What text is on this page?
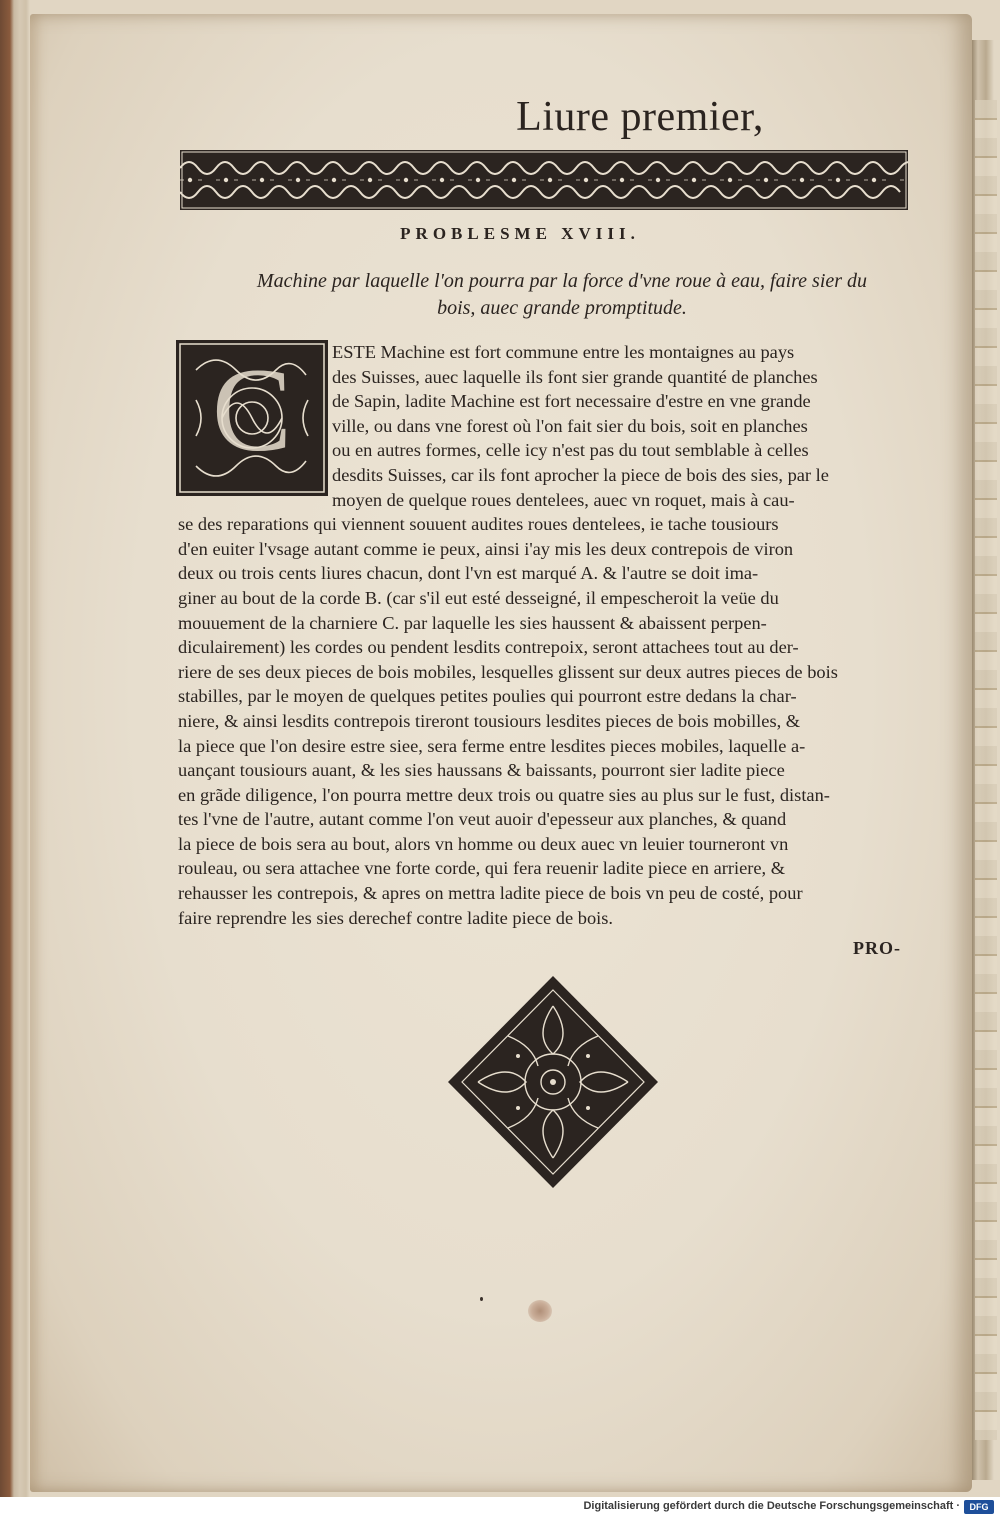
Liure premier,
PROBLESME XVIII.
Machine par laquelle l'on pourra par la force d'vne roue à eau, faire sier du
bois, auec grande promptitude.
C	ESTE Machine est fort commune entre les montaignes au pays
des Suisses, auec laquelle ils font sier grande quantité de planches
de Sapin, ladite Machine est fort necessaire d'estre en vne grande
ville, ou dans vne forest où l'on fait sier du bois, soit en planches
ou en autres formes, celle icy n'est pas du tout semblable à celles
desdits Suisses, car ils font aprocher la piece de bois des sies, par le
moyen de quelque roues dentelees, auec vn roquet, mais à cau-
se des reparations qui viennent souuent audites roues dentelees, ie tache tousiours
d'en euiter l'vsage autant comme ie peux, ainsi i'ay mis les deux contrepois de viron
deux ou trois cents liures chacun, dont l'vn est marqué A. & l'autre se doit ima-
giner au bout de la corde B. (car s'il eut esté desseigné, il empescheroit la veüe du
mouuement de la charniere C. par laquelle les sies haussent & abaissent perpen-
diculairement) les cordes ou pendent lesdits contrepoix, seront attachees tout au der-
riere de ses deux pieces de bois mobiles, lesquelles glissent sur deux autres pieces de bois
stabilles, par le moyen de quelques petites poulies qui pourront estre dedans la char-
niere, & ainsi lesdits contrepois tireront tousiours lesdites pieces de bois mobilles, &
la piece que l'on desire estre siee, sera ferme entre lesdites pieces mobiles, laquelle a-
uançant tousiours auant, & les sies haussans & baissants, pourront sier ladite piece
en grãde diligence, l'on pourra mettre deux trois ou quatre sies au plus sur le fust, distan-
tes l'vne de l'autre, autant comme l'on veut auoir d'epesseur aux planches, & quand
la piece de bois sera au bout, alors vn homme ou deux auec vn leuier tourneront vn
rouleau, ou sera attachee vne forte corde, qui fera reuenir ladite piece en arriere, &
rehausser les contrepois, & apres on mettra ladite piece de bois vn peu de costé, pour
faire reprendre les sies derechef contre ladite piece de bois.
PRO-
Digitalisierung gefördert durch die Deutsche Forschungsgemeinschaft ·	DFG
